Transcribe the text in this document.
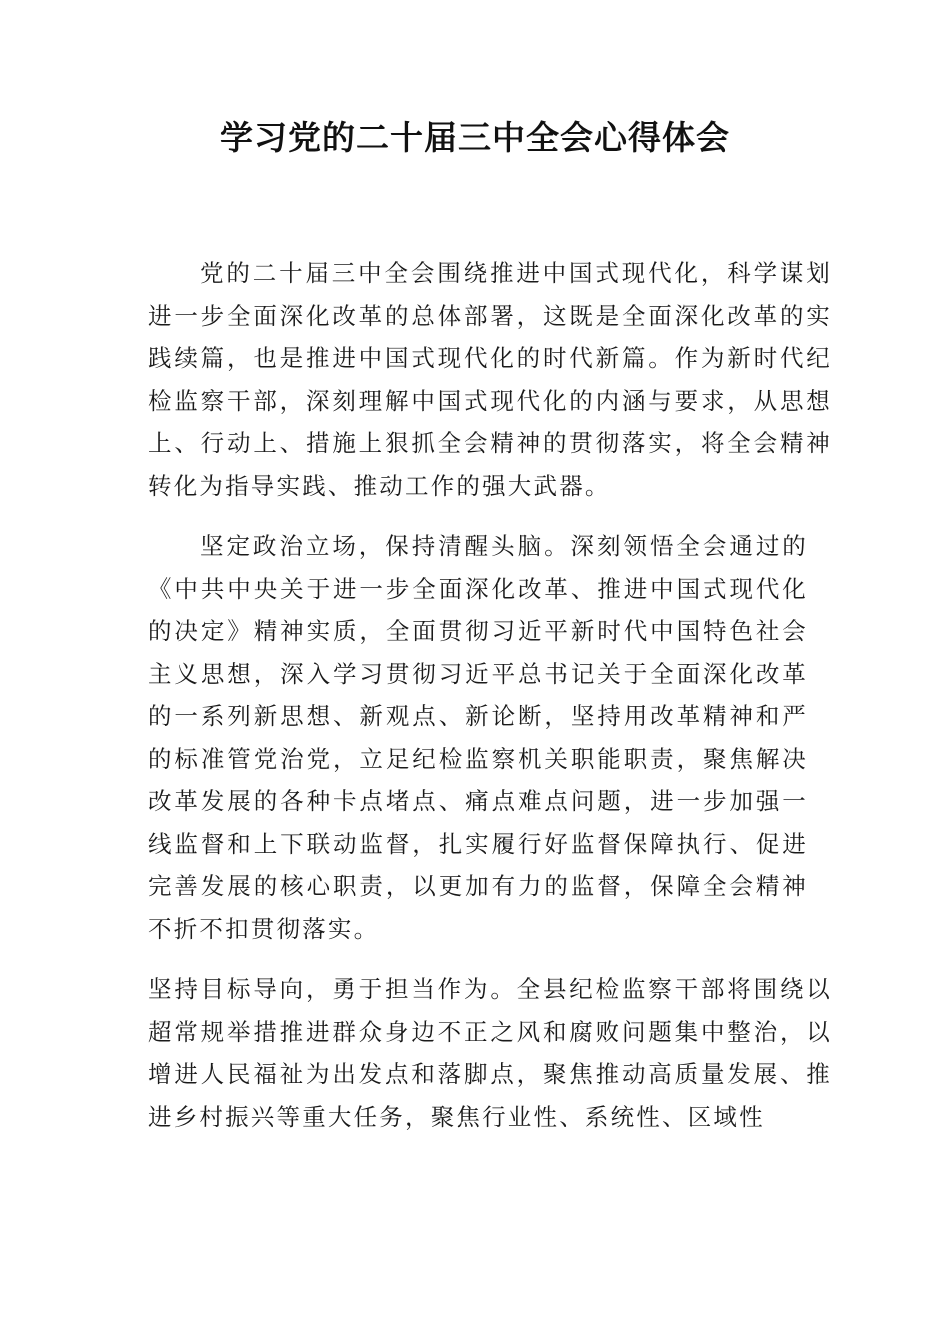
学习党的二十届三中全会心得体会

党的二十届三中全会围绕推进中国式现代化，科学谋划进一步全面深化改革的总体部署，这既是全面深化改革的实践续篇，也是推进中国式现代化的时代新篇。作为新时代纪检监察干部，深刻理解中国式现代化的内涵与要求，从思想上、行动上、措施上狠抓全会精神的贯彻落实，将全会精神转化为指导实践、推动工作的强大武器。

坚定政治立场，保持清醒头脑。深刻领悟全会通过的《中共中央关于进一步全面深化改革、推进中国式现代化的决定》精神实质，全面贯彻习近平新时代中国特色社会主义思想，深入学习贯彻习近平总书记关于全面深化改革的一系列新思想、新观点、新论断，坚持用改革精神和严的标准管党治党，立足纪检监察机关职能职责，聚焦解决改革发展的各种卡点堵点、痛点难点问题，进一步加强一线监督和上下联动监督，扎实履行好监督保障执行、促进完善发展的核心职责，以更加有力的监督，保障全会精神不折不扣贯彻落实。

坚持目标导向，勇于担当作为。全县纪检监察干部将围绕以超常规举措推进群众身边不正之风和腐败问题集中整治，以增进人民福祉为出发点和落脚点，聚焦推动高质量发展、推进乡村振兴等重大任务，聚焦行业性、系统性、区域性
